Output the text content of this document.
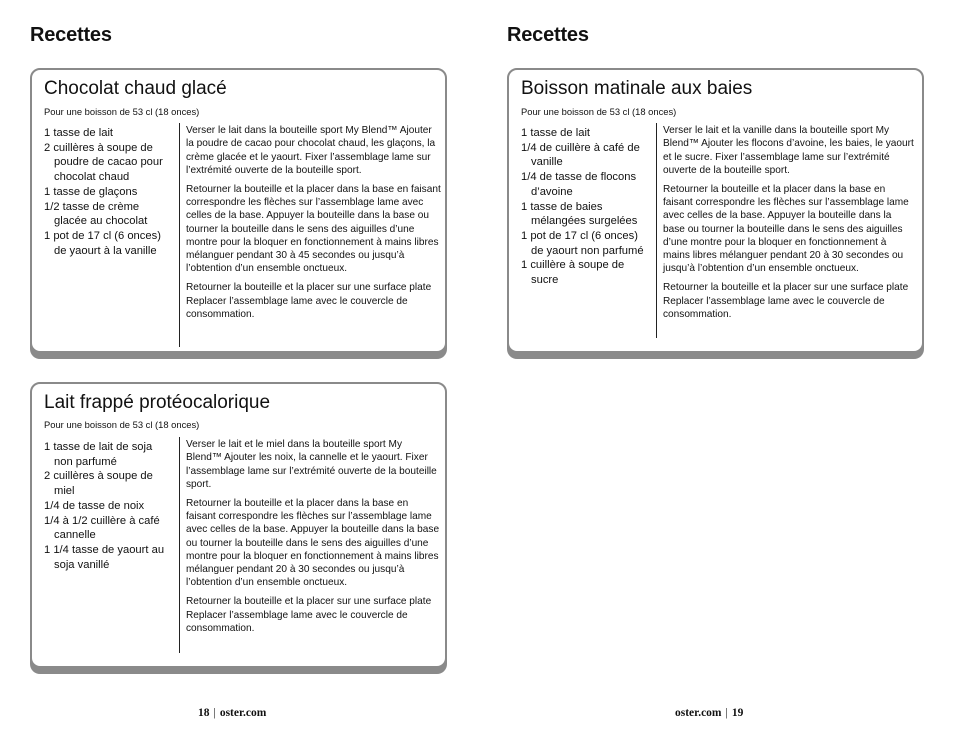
Recettes	Recettes
Chocolat chaud glacé
Pour une boisson de 53 cl (18 onces)
1 tasse de lait
2 cuillères à soupe de poudre de cacao pour chocolat chaud
1 tasse de glaçons
1/2 tasse de crème glacée au chocolat
1 pot de 17 cl (6 onces) de yaourt à la vanille

Verser le lait dans la bouteille sport My Blend™ Ajouter la poudre de cacao pour chocolat chaud, les glaçons, la crème glacée et le yaourt. Fixer l’assemblage lame sur l’extrémité ouverte de la bouteille sport.

Retourner la bouteille et la placer dans la base en faisant correspondre les flèches sur l’assemblage lame avec celles de la base. Appuyer la bouteille dans la base ou tourner la bouteille dans le sens des aiguilles d’une montre pour la bloquer en fonctionnement à mains libres mélanguer pendant 30 à 45 secondes ou jusqu’à l’obtention d’un ensemble onctueux.

Retourner la bouteille et la placer sur une surface plate Replacer l’assemblage lame avec le couvercle de consommation.

Lait frappé protéocalorique
Pour une boisson de 53 cl (18 onces)
1 tasse de lait de soja non parfumé
2 cuillères à soupe de miel
1/4 de tasse de noix
1/4 à 1/2 cuillère à café cannelle
1 1/4 tasse de yaourt au soja vanillé

Verser le lait et le miel dans la bouteille sport My Blend™ Ajouter les noix, la cannelle et le yaourt. Fixer l’assemblage lame sur l’extrémité ouverte de la bouteille sport.

Retourner la bouteille et la placer dans la base en faisant correspondre les flèches sur l’assemblage lame avec celles de la base. Appuyer la bouteille dans la base ou tourner la bouteille dans le sens des aiguilles d’une montre pour la bloquer en fonctionnement à mains libres mélanguer pendant 20 à 30 secondes ou jusqu’à l’obtention d’un ensemble onctueux.

Retourner la bouteille et la placer sur une surface plate Replacer l’assemblage lame avec le couvercle de consommation.

Boisson matinale aux baies
Pour une boisson de 53 cl (18 onces)
1 tasse de lait
1/4 de cuillère à café de vanille
1/4 de tasse de flocons d’avoine
1 tasse de baies mélangées surgelées
1 pot de 17 cl (6 onces) de yaourt non parfumé
1 cuillère à soupe de sucre

Verser le lait et la vanille dans la bouteille sport My Blend™ Ajouter les flocons d’avoine, les baies, le yaourt et le sucre. Fixer l’assemblage lame sur l’extrémité ouverte de la bouteille sport.

Retourner la bouteille et la placer dans la base en faisant correspondre les flèches sur l’assemblage lame avec celles de la base. Appuyer la bouteille dans la base ou tourner la bouteille dans le sens des aiguilles d’une montre pour la bloquer en fonctionnement à mains libres mélanguer pendant 20 à 30 secondes ou jusqu’à l’obtention d’un ensemble onctueux.

Retourner la bouteille et la placer sur une surface plate Replacer l’assemblage lame avec le couvercle de consommation.

18 | oster.com	oster.com | 19
